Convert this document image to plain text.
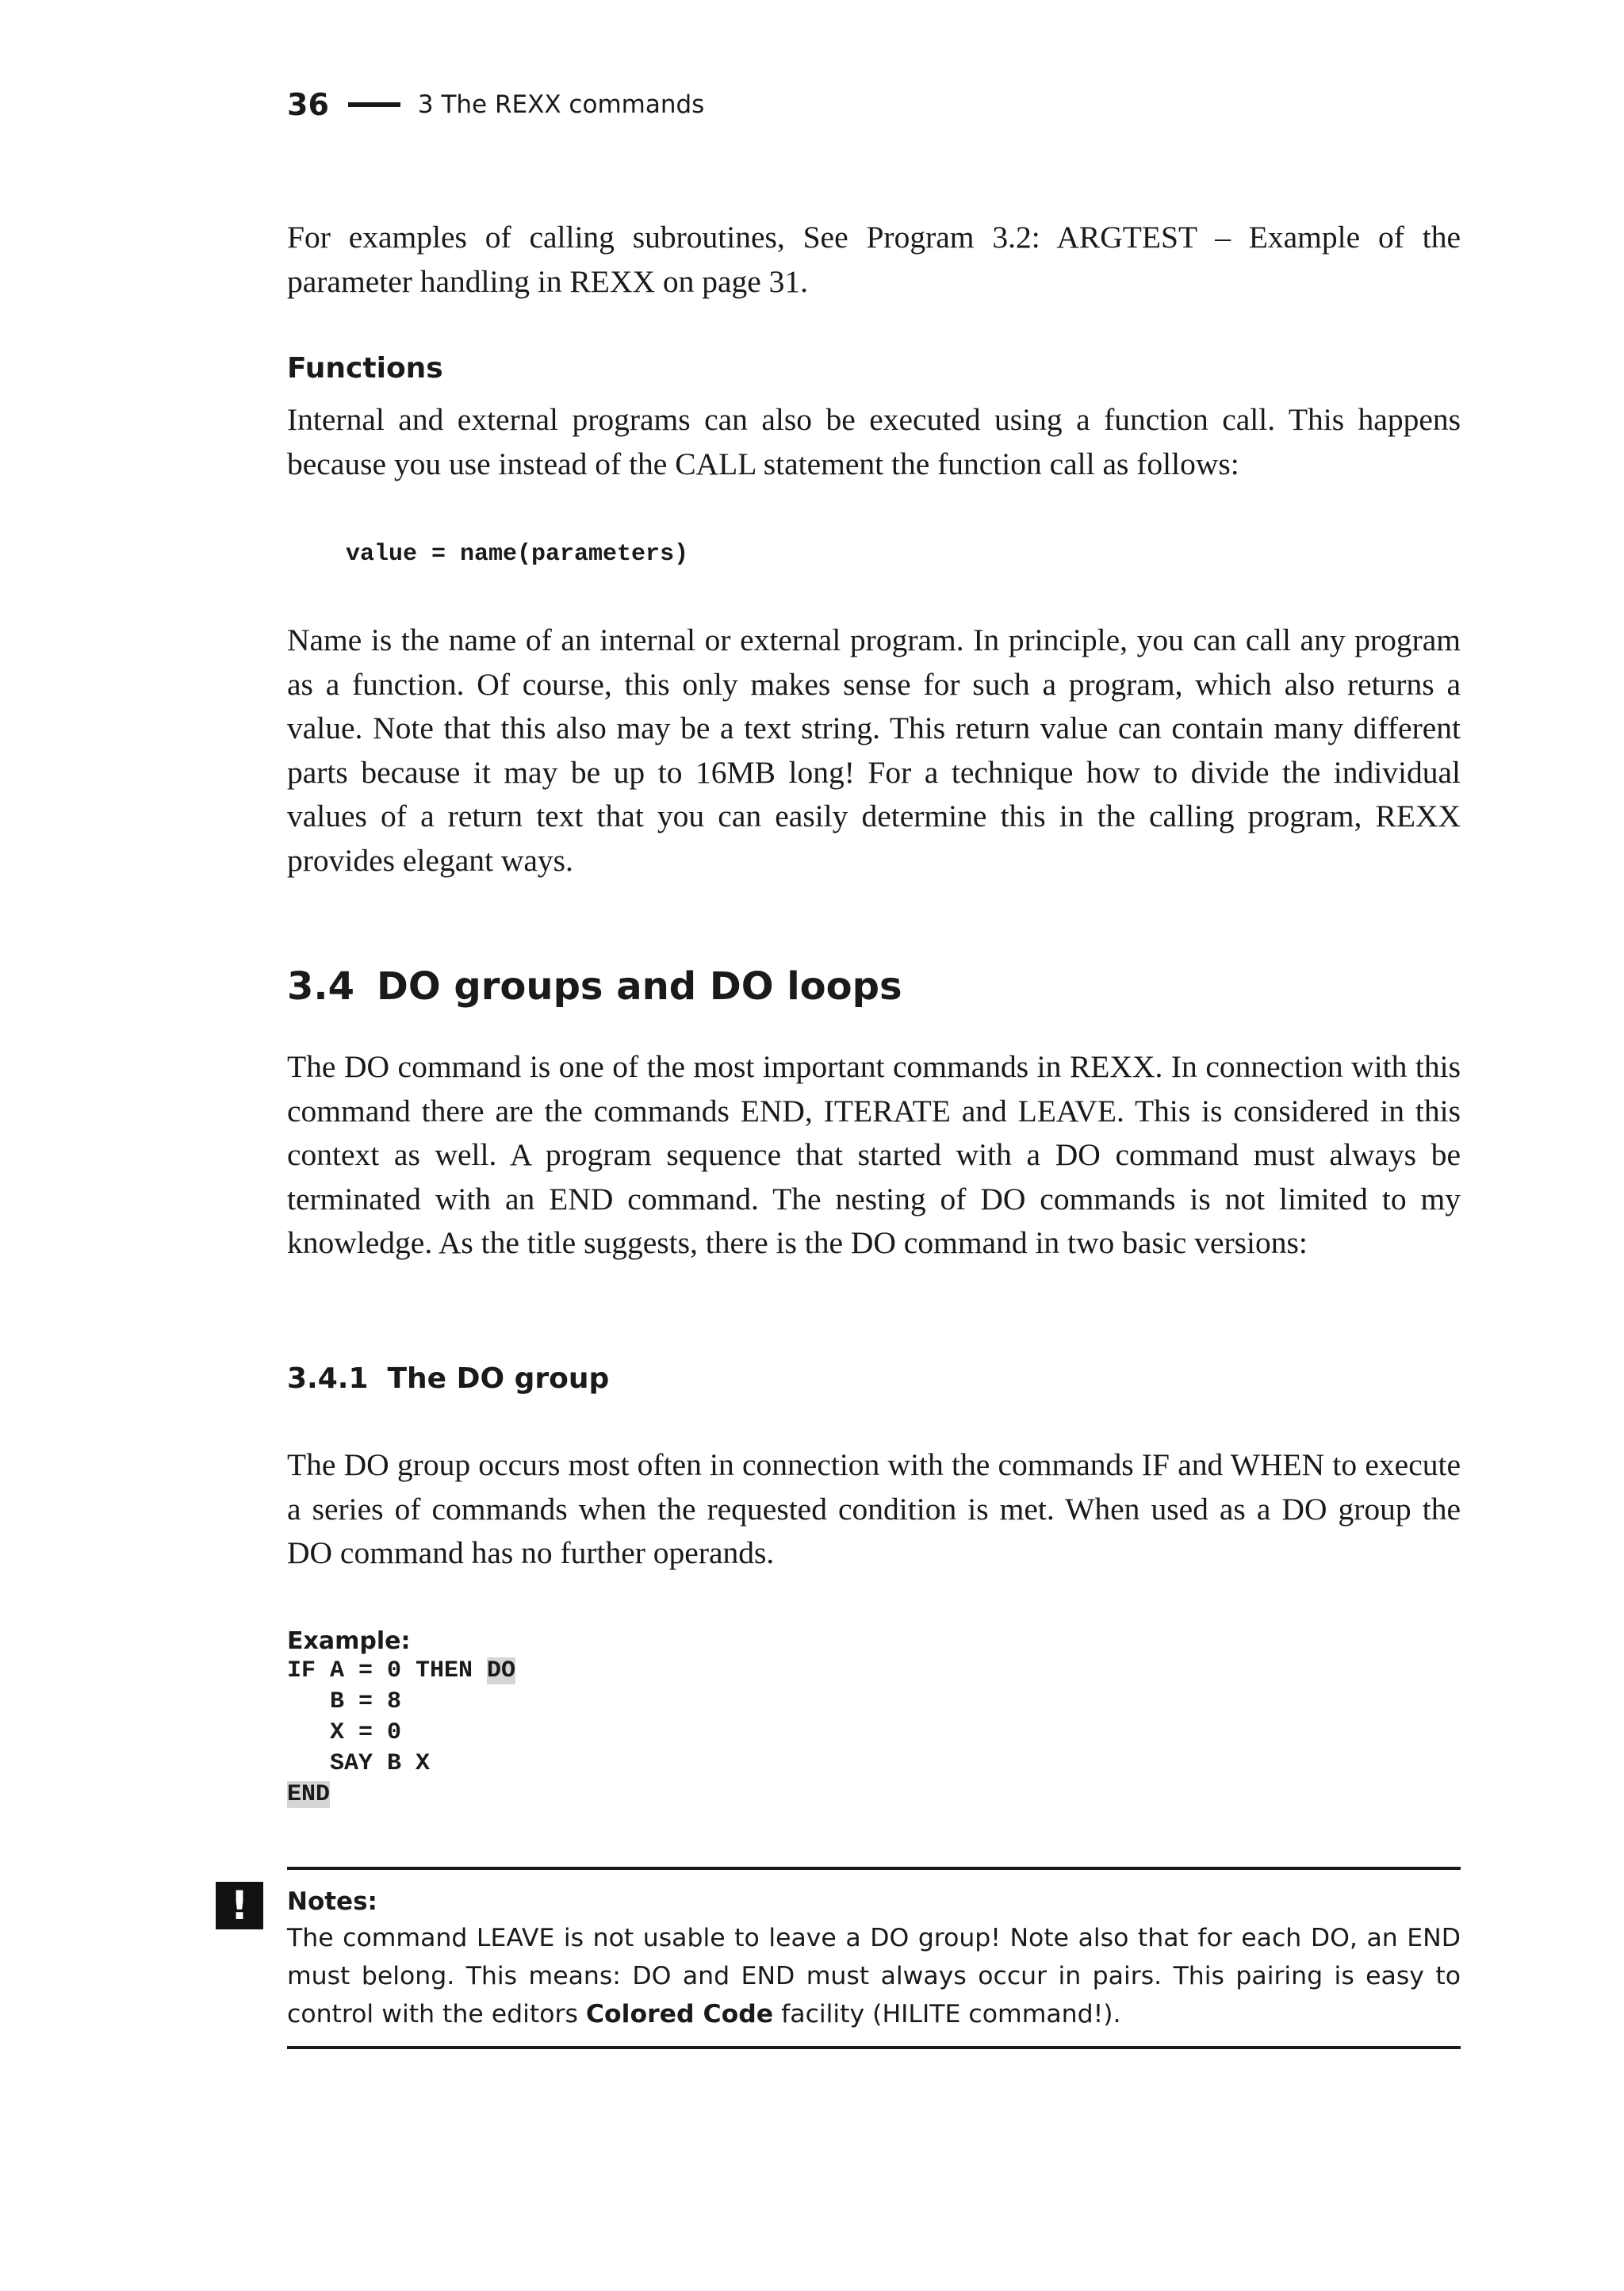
36	3 The REXX commands

For examples of calling subroutines, See Program 3.2: ARGTEST – Example of the parameter handling in REXX on page 31.

Functions

Internal and external programs can also be executed using a function call. This happens because you use instead of the CALL statement the function call as follows:

value = name(parameters)

Name is the name of an internal or external program. In principle, you can call any program as a function. Of course, this only makes sense for such a program, which also returns a value. Note that this also may be a text string. This return value can contain many different parts because it may be up to 16MB long! For a technique how to divide the individual values of a return text that you can easily determine this in the calling program, REXX provides elegant ways.

3.4 DO groups and DO loops

The DO command is one of the most important commands in REXX. In connection with this command there are the commands END, ITERATE and LEAVE. This is considered in this context as well. A program sequence that started with a DO command must always be terminated with an END command. The nesting of DO commands is not limited to my knowledge. As the title suggests, there is the DO command in two basic versions:

3.4.1 The DO group

The DO group occurs most often in connection with the commands IF and WHEN to execute a series of commands when the requested condition is met. When used as a DO group the DO command has no further operands.

Example:
IF A = 0 THEN DO
B = 8
X = 0
SAY B X
END
!	Notes:

The command LEAVE is not usable to leave a DO group! Note also that for each DO, an END must belong. This means: DO and END must always occur in pairs. This pairing is easy to control with the editors Colored Code facility (HILITE command!).
